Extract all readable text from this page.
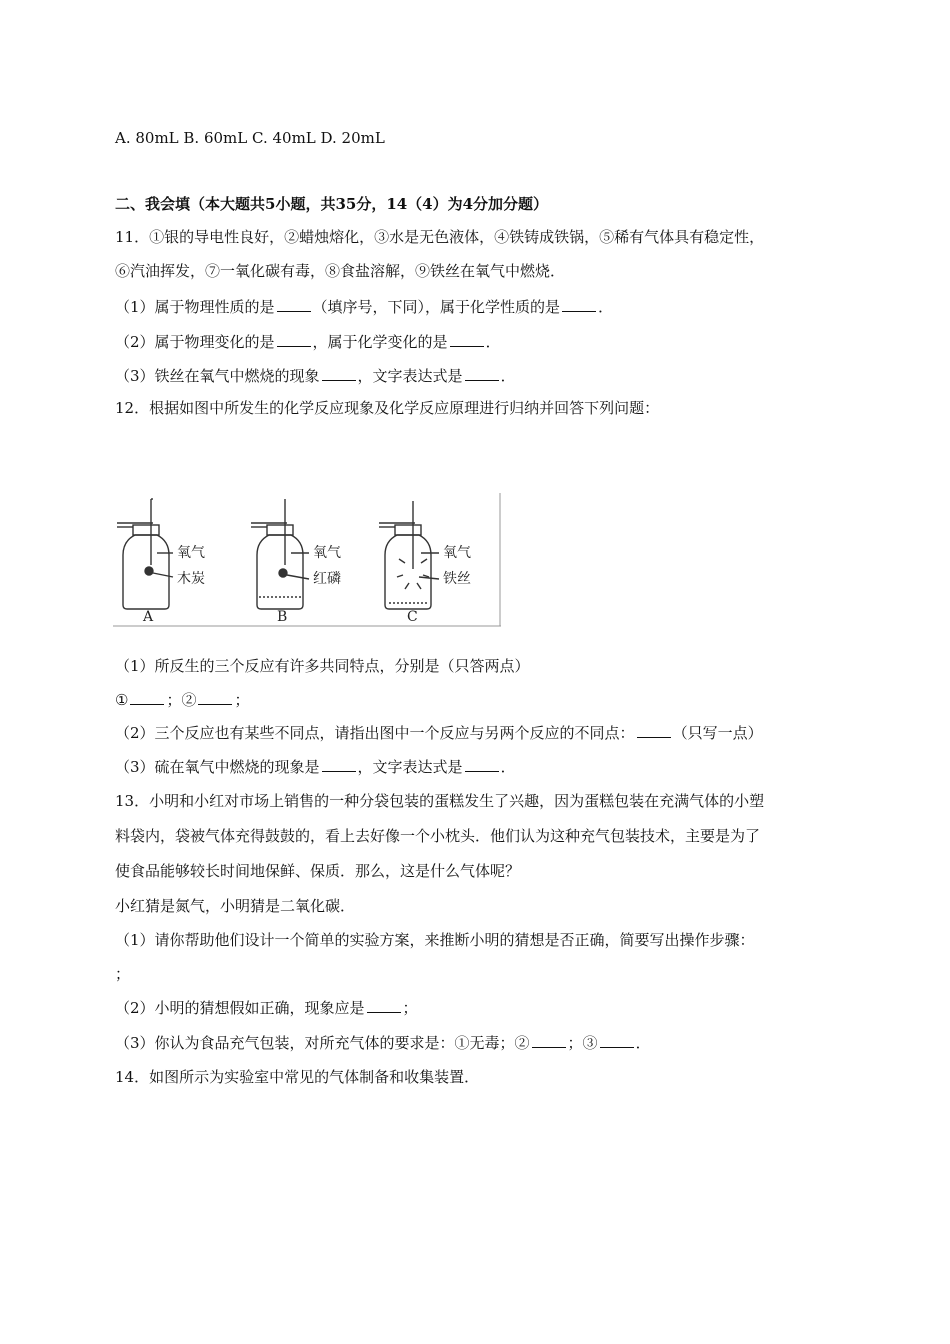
A. 80mL B. 60mL C. 40mL D. 20mL
二、我会填（本大题共5小题，共35分，14（4）为4分加分题）
11．①银的导电性良好，②蜡烛熔化，③水是无色液体，④铁铸成铁锅，⑤稀有气体具有稳定性，
⑥汽油挥发，⑦一氧化碳有毒，⑧食盐溶解，⑨铁丝在氧气中燃烧．
（1）属于物理性质的是	（填序号，下同），属于化学性质的是	．
（2）属于物理变化的是	，属于化学变化的是	．
（3）铁丝在氧气中燃烧的现象	，文字表达式是	．
12．根据如图中所发生的化学反应现象及化学反应原理进行归纳并回答下列问题：
氧气
木炭
A
氧气
红磷
B
氧气
铁丝
C
（1）所反生的三个反应有许多共同特点，分别是（只答两点）
①	；②	；
（2）三个反应也有某些不同点，请指出图中一个反应与另两个反应的不同点：	（只写一点）
（3）硫在氧气中燃烧的现象是	，文字表达式是	．
13．小明和小红对市场上销售的一种分袋包装的蛋糕发生了兴趣，因为蛋糕包装在充满气体的小塑
料袋内，袋被气体充得鼓鼓的，看上去好像一个小枕头．他们认为这种充气包装技术，主要是为了
使食品能够较长时间地保鲜、保质．那么，这是什么气体呢？
小红猜是氮气，小明猜是二氧化碳．
（1）请你帮助他们设计一个简单的实验方案，来推断小明的猜想是否正确，简要写出操作步骤：
；
（2）小明的猜想假如正确，现象应是	；
（3）你认为食品充气包装，对所充气体的要求是：①无毒；②	；③	．
14．如图所示为实验室中常见的气体制备和收集装置．
